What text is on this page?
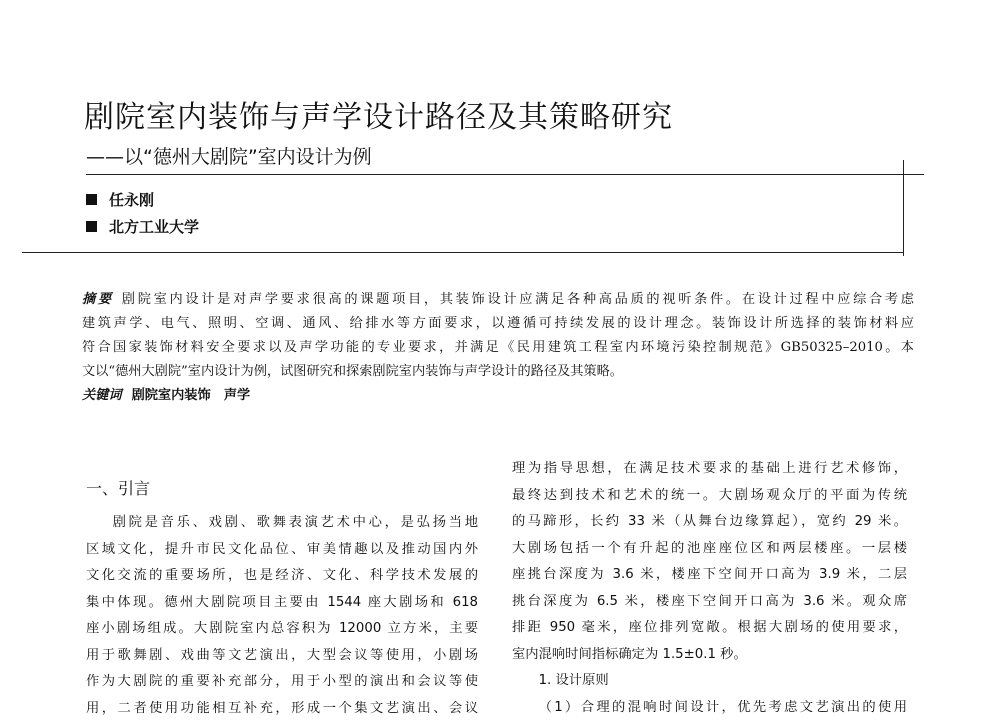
剧院室内装饰与声学设计路径及其策略研究
——以“德州大剧院”室内设计为例
任永刚
北方工业大学

摘要 剧院室内设计是对声学要求很高的课题项目，其装饰设计应满足各种高品质的视听条件。在设计过程中应综合考虑

建筑声学、电气、照明、空调、通风、给排水等方面要求，以遵循可持续发展的设计理念。装饰设计所选择的装饰材料应

符合国家装饰材料安全要求以及声学功能的专业要求，并满足《民用建筑工程室内环境污染控制规范》GB50325–2010。本

文以“德州大剧院”室内设计为例，试图研究和探索剧院室内装饰与声学设计的路径及其策略。

关键词 剧院室内装饰　声学

一、引言

剧院是音乐、戏剧、歌舞表演艺术中心，是弘扬当地

区域文化，提升市民文化品位、审美情趣以及推动国内外

文化交流的重要场所，也是经济、文化、科学技术发展的

集中体现。德州大剧院项目主要由 1544 座大剧场和 618

座小剧场组成。大剧院室内总容积为 12000 立方米，主要

用于歌舞剧、戏曲等文艺演出，大型会议等使用，小剧场

作为大剧院的重要补充部分，用于小型的演出和会议等使

用，二者使用功能相互补充，形成一个集文艺演出、会议

理为指导思想，在满足技术要求的基础上进行艺术修饰，

最终达到技术和艺术的统一。大剧场观众厅的平面为传统

的马蹄形，长约 33 米（从舞台边缘算起），宽约 29 米。

大剧场包括一个有升起的池座座位区和两层楼座。一层楼

座挑台深度为 3.6 米，楼座下空间开口高为 3.9 米，二层

挑台深度为 6.5 米，楼座下空间开口高为 3.6 米。观众席

排距 950 毫米，座位排列宽敞。根据大剧场的使用要求，

室内混响时间指标确定为 1.5±0.1 秒。

1. 设计原则

（1）合理的混响时间设计，优先考虑文艺演出的使用
